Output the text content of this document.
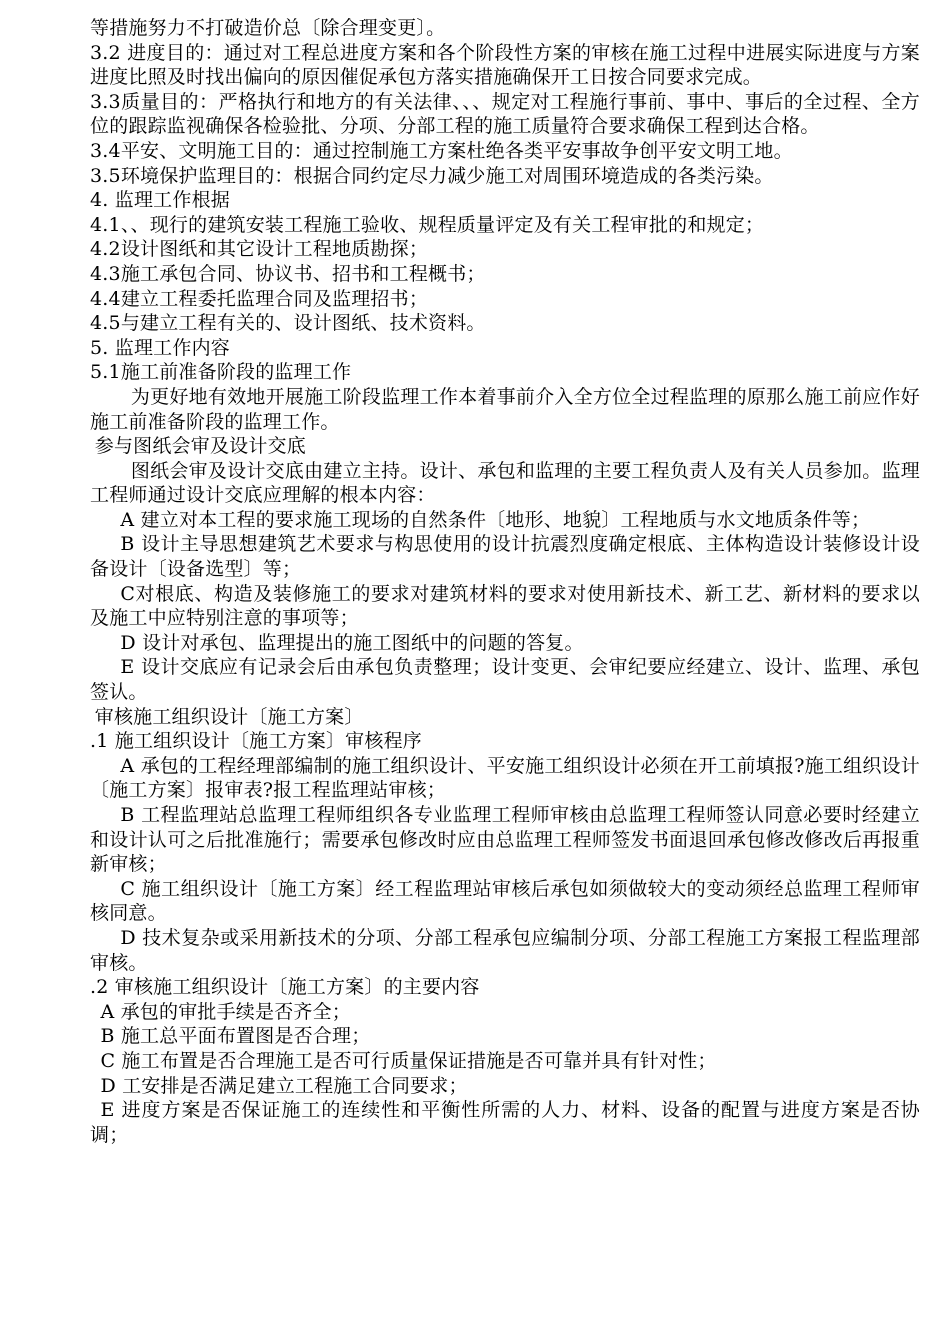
等措施努力不打破造价总〔除合理变更〕。

3.2 进度目的：通过对工程总进度方案和各个阶段性方案的审核在施工过程中进展实际进度与方案进度比照及时找出偏向的原因催促承包方落实措施确保开工日按合同要求完成。

3.3质量目的：严格执行和地方的有关法律、、、规定对工程施行事前、事中、事后的全过程、全方位的跟踪监视确保各检验批、分项、分部工程的施工质量符合要求确保工程到达合格。

3.4平安、文明施工目的：通过控制施工方案杜绝各类平安事故争创平安文明工地。

3.5环境保护监理目的：根据合同约定尽力减少施工对周围环境造成的各类污染。

4. 监理工作根据

4.1、、现行的建筑安装工程施工验收、规程质量评定及有关工程审批的和规定；

4.2设计图纸和其它设计工程地质勘探；

4.3施工承包合同、协议书、招书和工程概书；

4.4建立工程委托监理合同及监理招书；

4.5与建立工程有关的、设计图纸、技术资料。

5. 监理工作内容

5.1施工前准备阶段的监理工作

为更好地有效地开展施工阶段监理工作本着事前介入全方位全过程监理的原那么施工前应作好施工前准备阶段的监理工作。

参与图纸会审及设计交底

图纸会审及设计交底由建立主持。设计、承包和监理的主要工程负责人及有关人员参加。监理工程师通过设计交底应理解的根本内容：

A 建立对本工程的要求施工现场的自然条件〔地形、地貌〕工程地质与水文地质条件等；

B 设计主导思想建筑艺术要求与构思使用的设计抗震烈度确定根底、主体构造设计装修设计设备设计〔设备选型〕等；

C对根底、构造及装修施工的要求对建筑材料的要求对使用新技术、新工艺、新材料的要求以及施工中应特别注意的事项等；

D 设计对承包、监理提出的施工图纸中的问题的答复。

E 设计交底应有记录会后由承包负责整理；设计变更、会审纪要应经建立、设计、监理、承包签认。

审核施工组织设计〔施工方案〕

.1 施工组织设计〔施工方案〕审核程序

A 承包的工程经理部编制的施工组织设计、平安施工组织设计必须在开工前填报?施工组织设计〔施工方案〕报审表?报工程监理站审核；

B 工程监理站总监理工程师组织各专业监理工程师审核由总监理工程师签认同意必要时经建立和设计认可之后批准施行；需要承包修改时应由总监理工程师签发书面退回承包修改修改后再报重新审核；

C 施工组织设计〔施工方案〕经工程监理站审核后承包如须做较大的变动须经总监理工程师审核同意。

D 技术复杂或采用新技术的分项、分部工程承包应编制分项、分部工程施工方案报工程监理部审核。

.2 审核施工组织设计〔施工方案〕的主要内容

A 承包的审批手续是否齐全；

B 施工总平面布置图是否合理；

C 施工布置是否合理施工是否可行质量保证措施是否可靠并具有针对性；

D 工安排是否满足建立工程施工合同要求；

E 进度方案是否保证施工的连续性和平衡性所需的人力、材料、设备的配置与进度方案是否协调；
